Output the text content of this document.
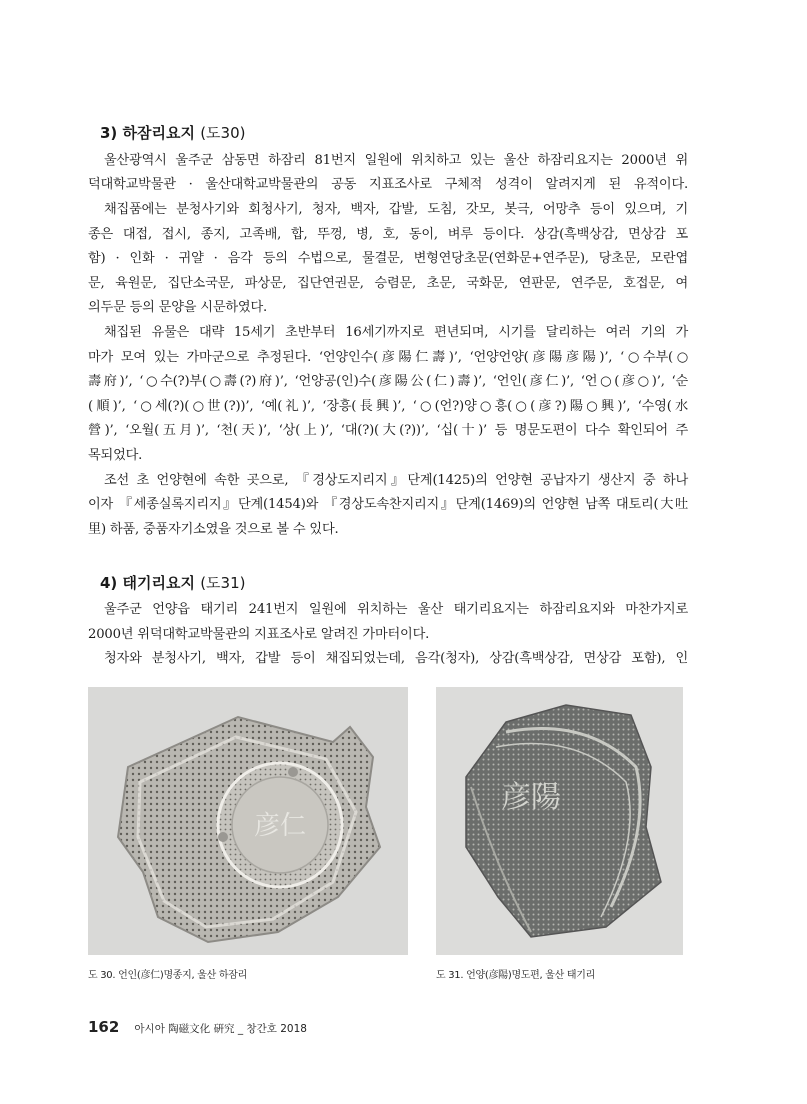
3) 하잠리요지 (도30)
울산광역시 울주군 삼동면 하잠리 81번지 일원에 위치하고 있는 울산 하잠리요지는 2000년 위
덕대학교박물관 · 울산대학교박물관의 공동 지표조사로 구체적 성격이 알려지게 된 유적이다.
채집품에는 분청사기와 회청사기, 청자, 백자, 갑발, 도침, 갓모, 봇극, 어망추 등이 있으며, 기
종은 대접, 접시, 종지, 고족배, 합, 뚜껑, 병, 호, 동이, 벼루 등이다. 상감(흑백상감, 면상감 포
함) · 인화 · 귀얄 · 음각 등의 수법으로, 물결문, 변형연당초문(연화문+연주문), 당초문, 모란엽
문, 육원문, 집단소국문, 파상문, 집단연권문, 승렴문, 초문, 국화문, 연판문, 연주문, 호접문, 여
의두문 등의 문양을 시문하였다.
채집된 유물은 대략 15세기 초반부터 16세기까지로 편년되며, 시기를 달리하는 여러 기의 가
마가 모여 있는 가마군으로 추정된다. ‘언양인수(彦陽仁壽)’, ‘언양언양(彦陽彦陽)’, ‘○수부(○
壽府)’, ‘○수(?)부(○壽(?)府)’, ‘언양공(인)수(彦陽公(仁)壽)’, ‘언인(彦仁)’, ‘언○(彦○)’, ‘순
(順)’, ‘○세(?)(○世(?))’, ‘예(礼)’, ‘장흥(長興)’, ‘○(언?)양○흥(○(彦?)陽○興)’, ‘수영(水
營)’, ‘오월(五月)’, ‘천(天)’, ‘상(上)’, ‘대(?)(大(?))’, ‘십(十)’ 등 명문도편이 다수 확인되어 주
목되었다.
조선 초 언양현에 속한 곳으로, 『경상도지리지』단계(1425)의 언양현 공납자기 생산지 중 하나
이자 『세종실록지리지』단계(1454)와 『경상도속찬지리지』단계(1469)의 언양현 남쪽 대토리(大吐
里) 하품, 중품자기소였을 것으로 볼 수 있다.
4) 태기리요지 (도31)
울주군 언양읍 태기리 241번지 일원에 위치하는 울산 태기리요지는 하잠리요지와 마찬가지로
2000년 위덕대학교박물관의 지표조사로 알려진 가마터이다.
청자와 분청사기, 백자, 갑발 등이 채집되었는데, 음각(청자), 상감(흑백상감, 면상감 포함), 인
彦仁
도 30. 언인(彦仁)명종지, 울산 하잠리
彦陽
도 31. 언양(彦陽)명도편, 울산 태기리
162 아시아 陶磁文化 硏究 _ 창간호 2018
